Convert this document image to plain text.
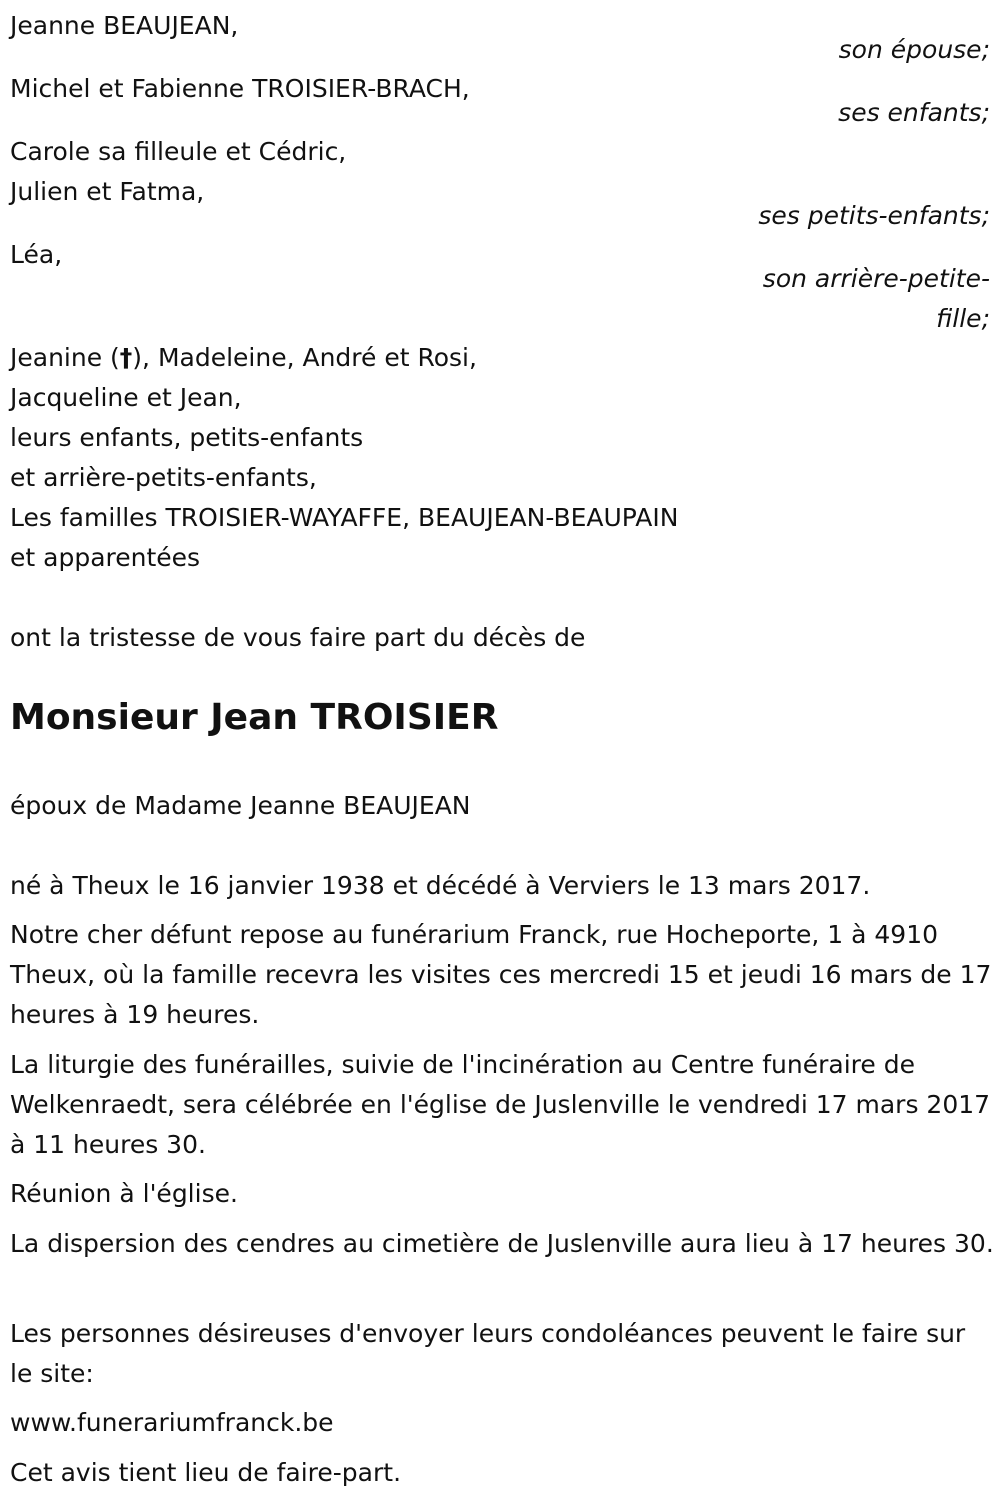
Jeanne BEAUJEAN,
son épouse;
Michel et Fabienne TROISIER-BRACH,
ses enfants;
Carole sa filleule et Cédric,
Julien et Fatma,
ses petits-enfants;
Léa,
son arrière-petite-
fille;
Jeanine (†), Madeleine, André et Rosi,
Jacqueline et Jean,
leurs enfants, petits-enfants
et arrière-petits-enfants,
Les familles TROISIER-WAYAFFE, BEAUJEAN-BEAUPAIN
et apparentées
ont la tristesse de vous faire part du décès de
Monsieur Jean TROISIER
époux de Madame Jeanne BEAUJEAN
né à Theux le 16 janvier 1938 et décédé à Verviers le 13 mars 2017.
Notre cher défunt repose au funérarium Franck, rue Hocheporte, 1 à 4910 Theux, où la famille recevra les visites ces mercredi 15 et jeudi 16 mars de 17 heures à 19 heures.
La liturgie des funérailles, suivie de l'incinération au Centre funéraire de Welkenraedt, sera célébrée en l'église de Juslenville le vendredi 17 mars 2017 à 11 heures 30.
Réunion à l'église.
La dispersion des cendres au cimetière de Juslenville aura lieu à 17 heures 30.
Les personnes désireuses d'envoyer leurs condoléances peuvent le faire sur le site:
www.funerariumfranck.be
Cet avis tient lieu de faire-part.
